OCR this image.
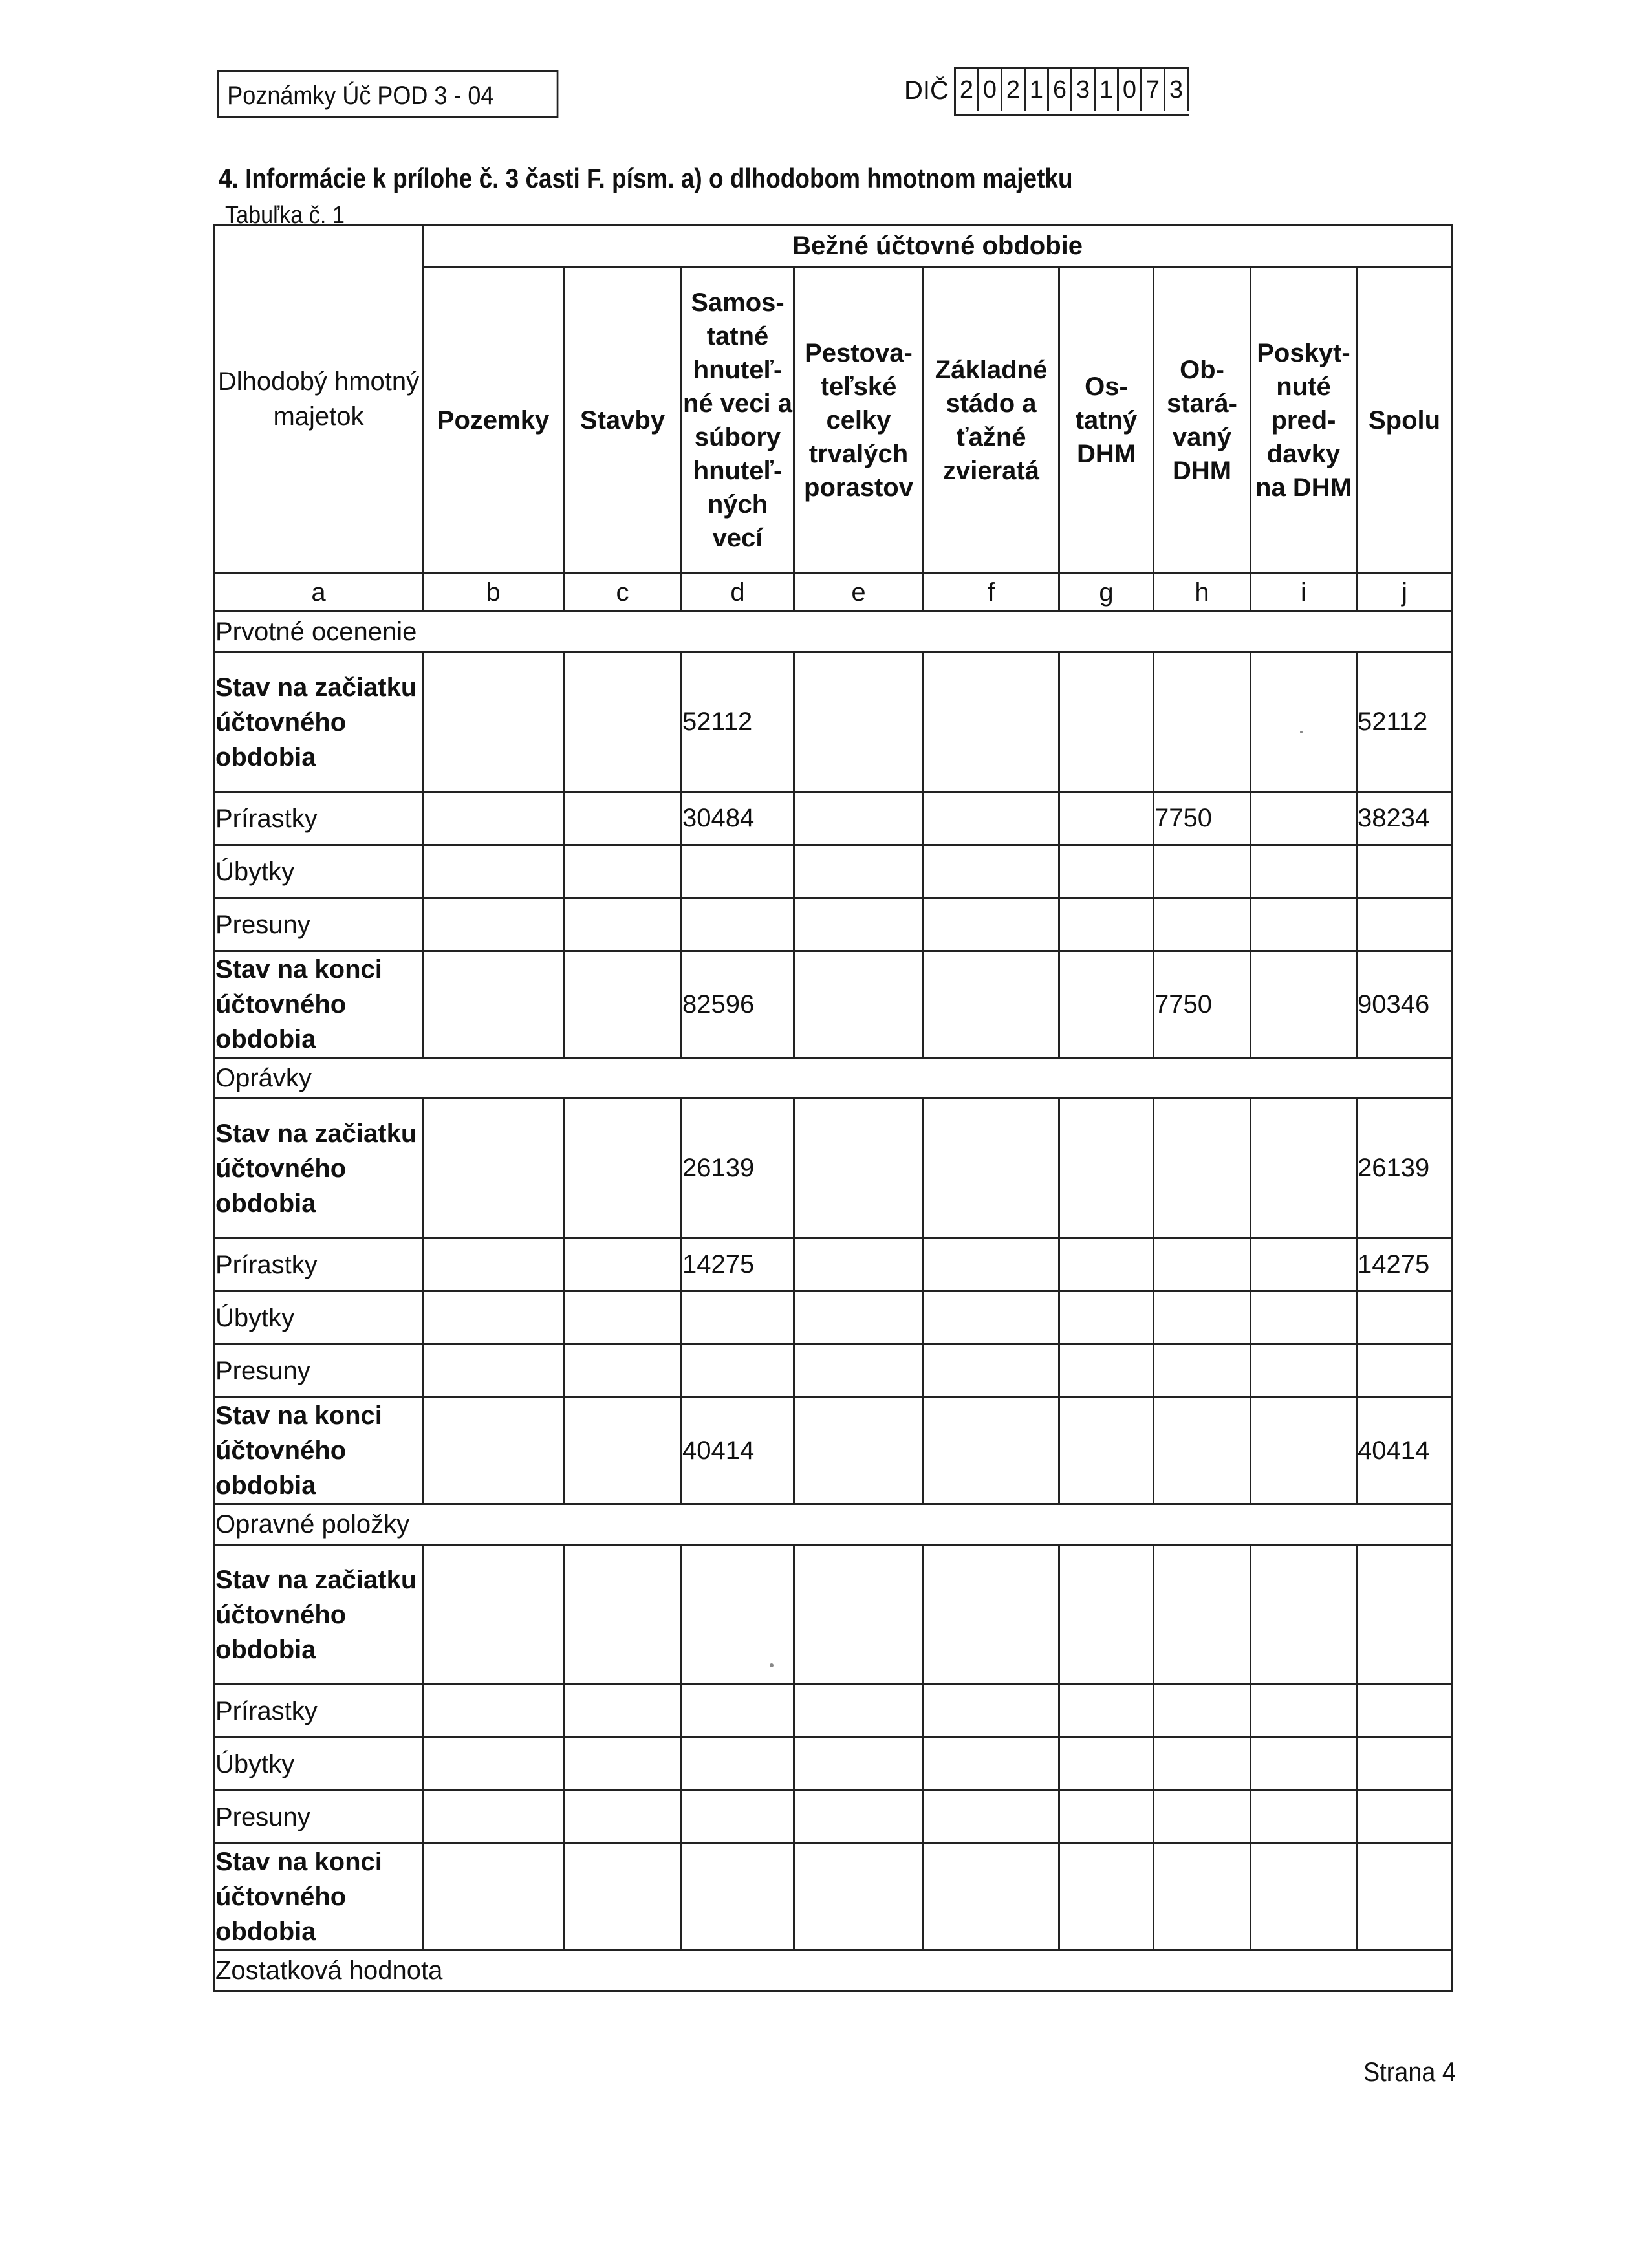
Poznámky Úč POD 3 - 04	DIČ 2 0 2 1 6 3 1 0 7 3
4. Informácie k prílohe č. 3 časti F. písm. a) o dlhodobom hmotnom majetku
Tabuľka č. 1
Dlhodobý hmotný majetok	Bežné účtovné obdobie								
	Pozemky	Stavby	Samos- tatné hnuteľ- né veci a súbory hnuteľ- ných vecí	Pestova- teľské celky trvalých porastov	Základné stádo a ťažné zvieratá	Os- tatný DHM	Ob- stará- vaný DHM	Poskyt- nuté pred- davky na DHM	Spolu
a	b	c	d	e	f	g	h	i	j
Prvotné ocenenie									
Stav na začiatku účtovného obdobia			52112						52112
Prírastky			30484				7750		38234
Úbytky									
Presuny									
Stav na konci účtovného obdobia			82596				7750		90346
Oprávky									
Stav na začiatku účtovného obdobia			26139						26139
Prírastky			14275						14275
Úbytky									
Presuny									
Stav na konci účtovného obdobia			40414						40414
Opravné položky									
Stav na začiatku účtovného obdobia									
Prírastky									
Úbytky									
Presuny									
Stav na konci účtovného obdobia									
Zostatková hodnota									
Strana 4
